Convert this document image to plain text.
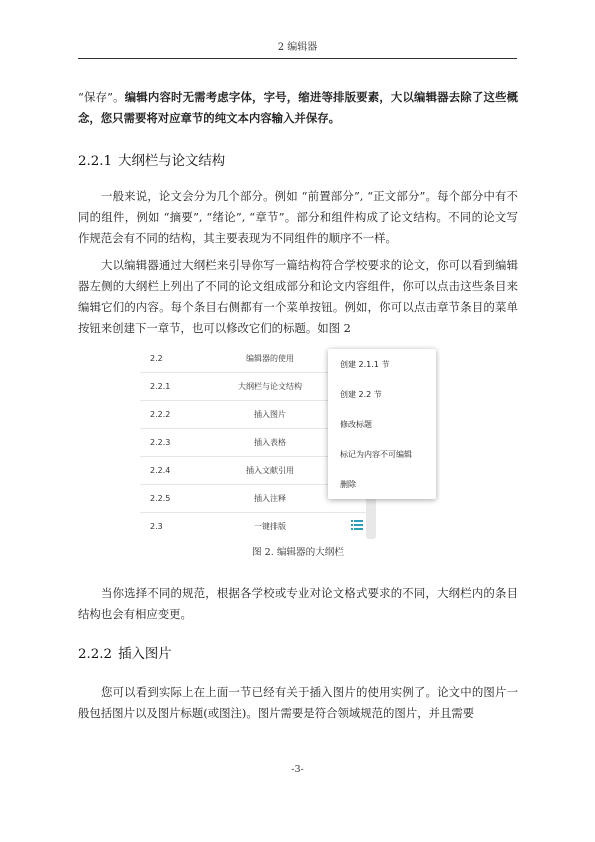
2 编辑器

“保存”。编辑内容时无需考虑字体，字号，缩进等排版要素，大以编辑器去除了这些概念，您只需要将对应章节的纯文本内容输入并保存。

2.2.1 大纲栏与论文结构

一般来说，论文会分为几个部分。例如 “前置部分”, “正文部分”。每个部分中有不同的组件，例如 “摘要”, “绪论”, “章节”。部分和组件构成了论文结构。不同的论文写作规范会有不同的结构，其主要表现为不同组件的顺序不一样。

大以编辑器通过大纲栏来引导你写一篇结构符合学校要求的论文，你可以看到编辑器左侧的大纲栏上列出了不同的论文组成部分和论文内容组件，你可以点击这些条目来编辑它们的内容。每个条目右侧都有一个菜单按钮。例如，你可以点击章节条目的菜单按钮来创建下一章节，也可以修改它们的标题。如图 2

2.2	编辑器的使用
2.2.1	大纲栏与论文结构
2.2.2	插入图片
2.2.3	插入表格
2.2.4	插入文献引用
2.2.5	插入注释
2.3	一键排版
创建 2.1.1 节
创建 2.2 节
修改标题
标记为内容不可编辑
删除
图 2. 编辑器的大纲栏

当你选择不同的规范，根据各学校或专业对论文格式要求的不同，大纲栏内的条目结构也会有相应变更。

2.2.2 插入图片

您可以看到实际上在上面一节已经有关于插入图片的使用实例了。论文中的图片一般包括图片以及图片标题(或图注)。图片需要是符合领域规范的图片，并且需要

-3-
